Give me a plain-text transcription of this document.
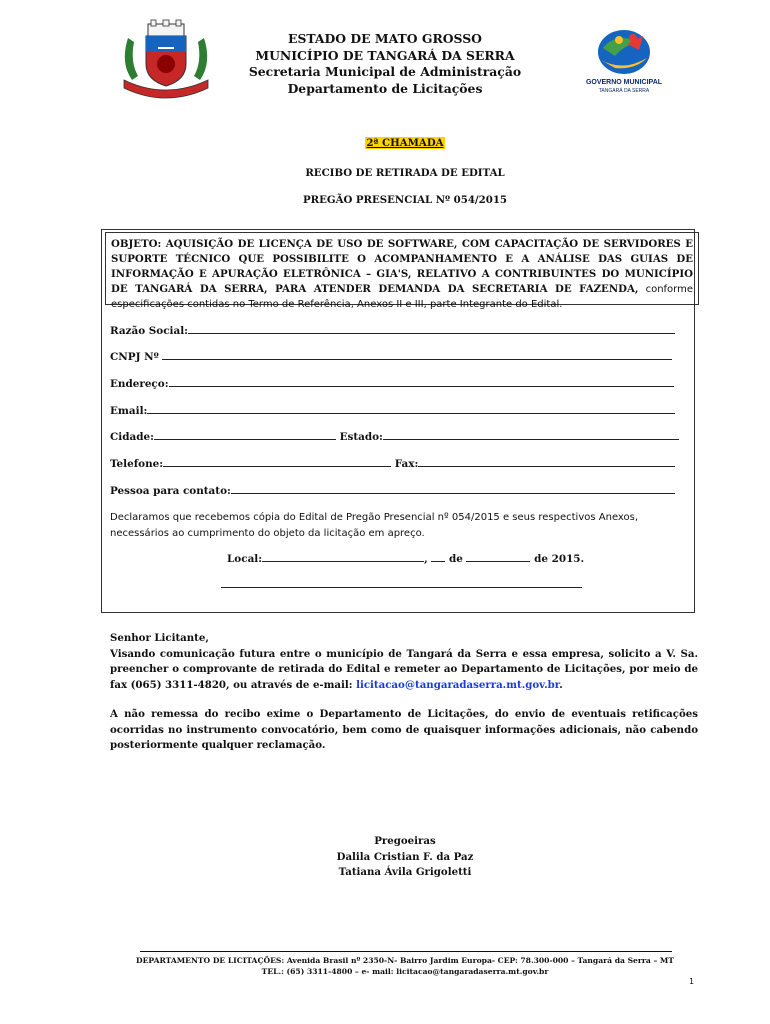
GOVERNO MUNICIPAL
TANGARÁ DA SERRA
ESTADO DE MATO GROSSO
MUNICÍPIO DE TANGARÁ DA SERRA
Secretaria Municipal de Administração
Departamento de Licitações
2ª CHAMADA
RECIBO DE RETIRADA DE EDITAL
PREGÃO PRESENCIAL Nº 054/2015
OBJETO: AQUISIÇÃO DE LICENÇA DE USO DE SOFTWARE, COM CAPACITAÇÃO DE SERVIDORES E SUPORTE TÉCNICO QUE POSSIBILITE O ACOMPANHAMENTO E A ANÁLISE DAS GUIAS DE INFORMAÇÃO E APURAÇÃO ELETRÔNICA – GIA'S, RELATIVO A CONTRIBUINTES DO MUNICÍPIO DE TANGARÁ DA SERRA, PARA ATENDER DEMANDA DA SECRETARIA DE FAZENDA, conforme especificações contidas no Termo de Referência, Anexos II e III, parte Integrante do Edital.
Razão Social:
CNPJ Nº
Endereço:
Email:
Cidade:	Estado:
Telefone:	Fax:
Pessoa para contato:
Declaramos que recebemos cópia do Edital de Pregão Presencial nº 054/2015 e seus respectivos Anexos, necessários ao cumprimento do objeto da licitação em apreço.
Local:	, de	de 2015.

Senhor Licitante,

Visando comunicação futura entre o município de Tangará da Serra e essa empresa, solicito a V. Sa. preencher o comprovante de retirada do Edital e remeter ao Departamento de Licitações, por meio de fax (065) 3311-4820, ou através de e-mail: licitacao@tangaradaserra.mt.gov.br.

A não remessa do recibo exime o Departamento de Licitações, do envio de eventuais retificações ocorridas no instrumento convocatório, bem como de quaisquer informações adicionais, não cabendo posteriormente qualquer reclamação.

Pregoeiras
Dalila Cristian F. da Paz
Tatiana Ávila Grigoletti
DEPARTAMENTO DE LICITAÇÕES: Avenida Brasil nº 2350-N- Bairro Jardim Europa- CEP: 78.300-000 – Tangará da Serra – MT
TEL.: (65) 3311-4800 – e- mail: licitacao@tangaradaserra.mt.gov.br
1
